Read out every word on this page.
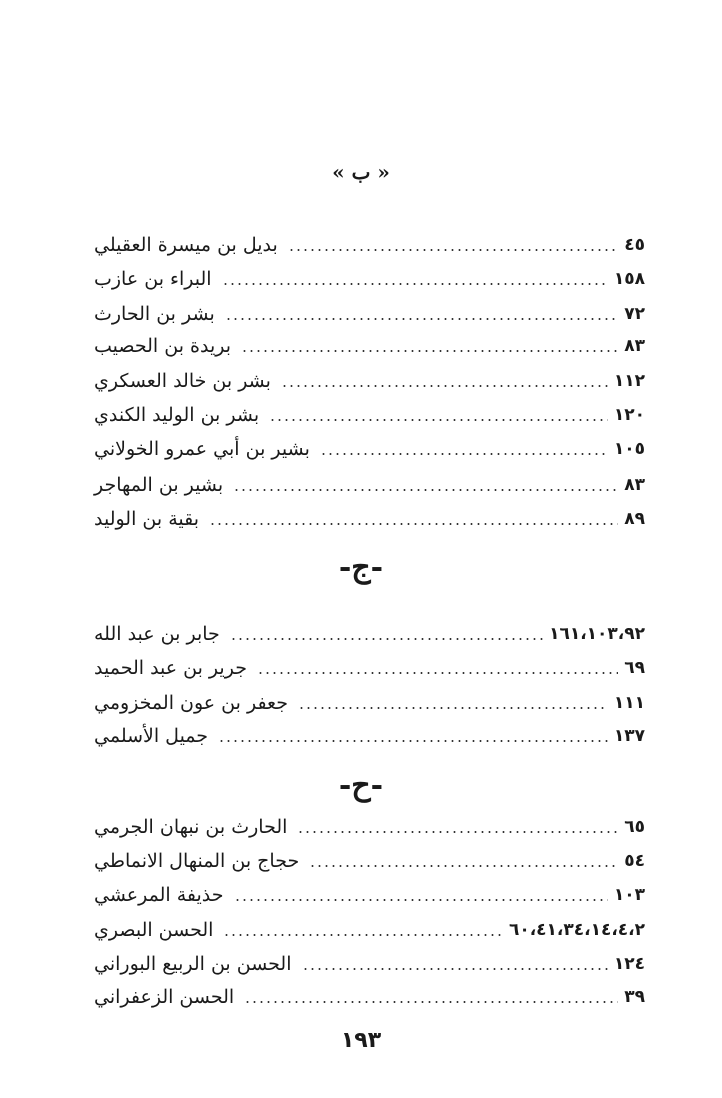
« ب »
بديل بن ميسرة العقيلي	٤٥
البراء بن عازب	١٥٨
بشر بن الحارث	٧٢
بريدة بن الحصيب	٨٣
بشر بن خالد العسكري	١١٢
بشر بن الوليد الكندي	١٢٠
بشير بن أبي عمرو الخولاني	١٠٥
بشير بن المهاجر	٨٣
بقية بن الوليد	٨٩
-ج-
جابر بن عبد الله	١٦١،١٠٣،٩٢
جرير بن عبد الحميد	٦٩
جعفر بن عون المخزومي	١١١
جميل الأسلمي	١٣٧
-ح-
الحارث بن نبهان الجرمي	٦٥
حجاج بن المنهال الانماطي	٥٤
حذيفة المرعشي	١٠٣
الحسن البصري	٦٠،٤١،٣٤،١٤،٤،٢
الحسن بن الربيع البوراني	١٢٤
الحسن الزعفراني	٣٩
١٩٣
